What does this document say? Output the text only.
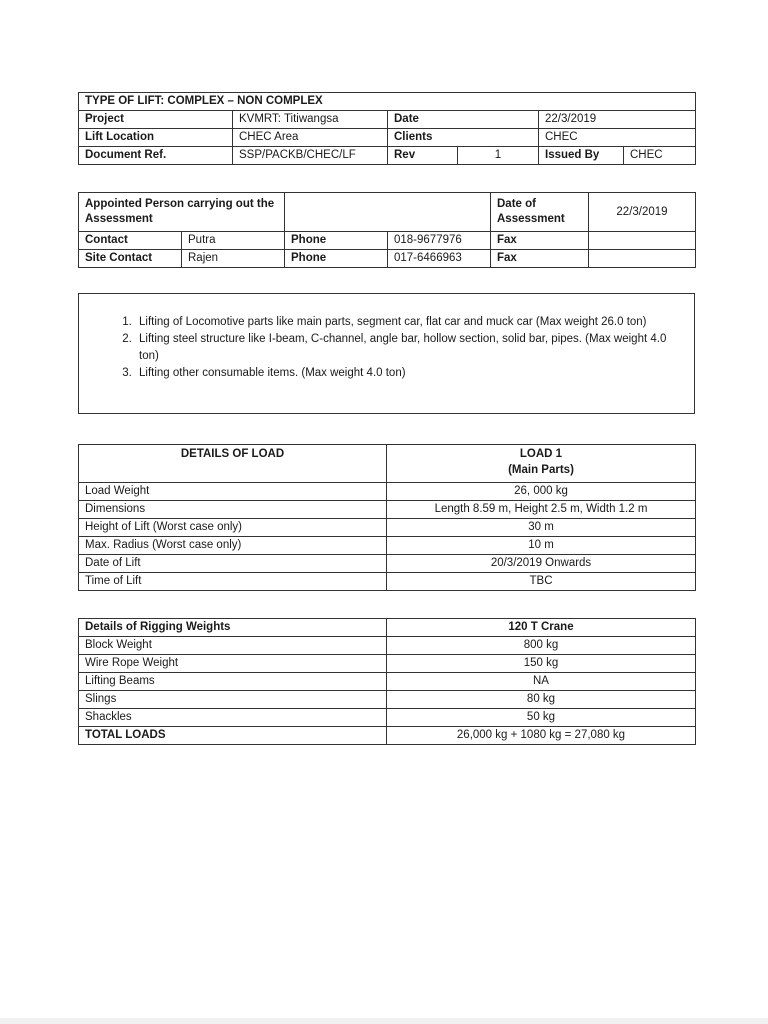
TYPE OF LIFT: COMPLEX – NON COMPLEX					
Project	KVMRT: Titiwangsa	Date		22/3/2019	
Lift Location	CHEC Area	Clients		CHEC	
Document Ref.	SSP/PACKB/CHEC/LF	Rev	1	Issued By	CHEC
Appointed Person carrying out the Assessment				Date of Assessment	22/3/2019
Contact	Putra	Phone	018-9677976	Fax	
Site Contact	Rajen	Phone	017-6466963	Fax	
1. Lifting of Locomotive parts like main parts, segment car, flat car and muck car (Max weight 26.0 ton)
2. Lifting steel structure like I-beam, C-channel, angle bar, hollow section, solid bar, pipes. (Max weight 4.0 ton)
3. Lifting other consumable items. (Max weight 4.0 ton)
DETAILS OF LOAD	LOAD 1
(Main Parts)
Load Weight	26, 000 kg
Dimensions	Length 8.59 m, Height 2.5 m, Width 1.2 m
Height of Lift (Worst case only)	30 m
Max. Radius (Worst case only)	10 m
Date of Lift	20/3/2019 Onwards
Time of Lift	TBC
Details of Rigging Weights	120 T Crane
Block Weight	800 kg
Wire Rope Weight	150 kg
Lifting Beams	NA
Slings	80 kg
Shackles	50 kg
TOTAL LOADS	26,000 kg + 1080 kg = 27,080 kg
